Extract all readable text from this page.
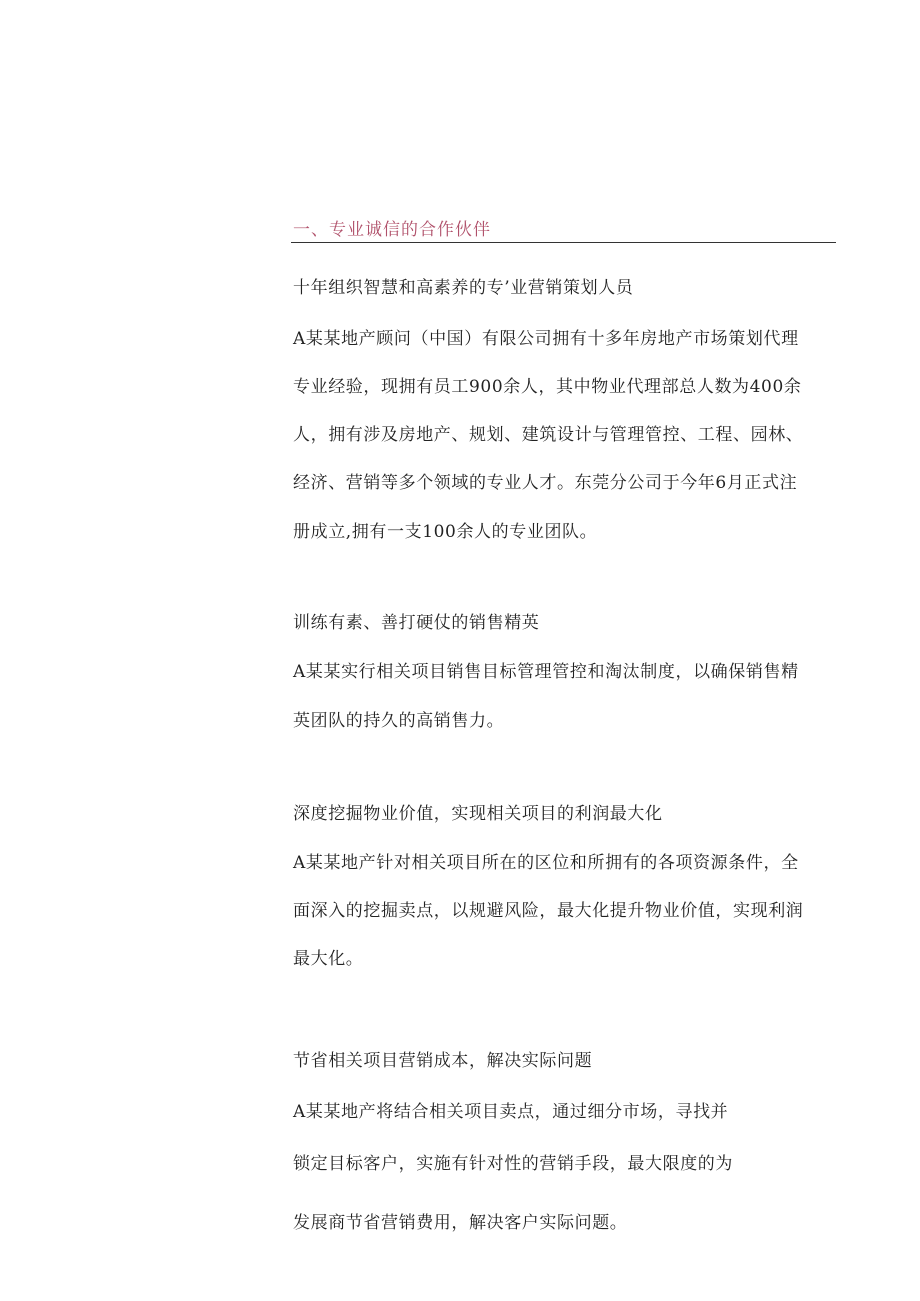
一、专业诚信的合作伙伴
十年组织智慧和高素养的专’业营销策划人员
A某某地产顾问（中国）有限公司拥有十多年房地产市场策划代理
专业经验，现拥有员工900余人，其中物业代理部总人数为400余
人，拥有涉及房地产、规划、建筑设计与管理管控、工程、园林、
经济、营销等多个领域的专业人才。东莞分公司于今年6月正式注
册成立,拥有一支100余人的专业团队。
训练有素、善打硬仗的销售精英
A某某实行相关项目销售目标管理管控和淘汰制度，以确保销售精
英团队的持久的高销售力。
深度挖掘物业价值，实现相关项目的利润最大化
A某某地产针对相关项目所在的区位和所拥有的各项资源条件，全
面深入的挖掘卖点，以规避风险，最大化提升物业价值，实现利润
最大化。
节省相关项目营销成本，解决实际问题
A某某地产将结合相关项目卖点，通过细分市场，寻找并
锁定目标客户，实施有针对性的营销手段，最大限度的为
发展商节省营销费用，解决客户实际问题。
